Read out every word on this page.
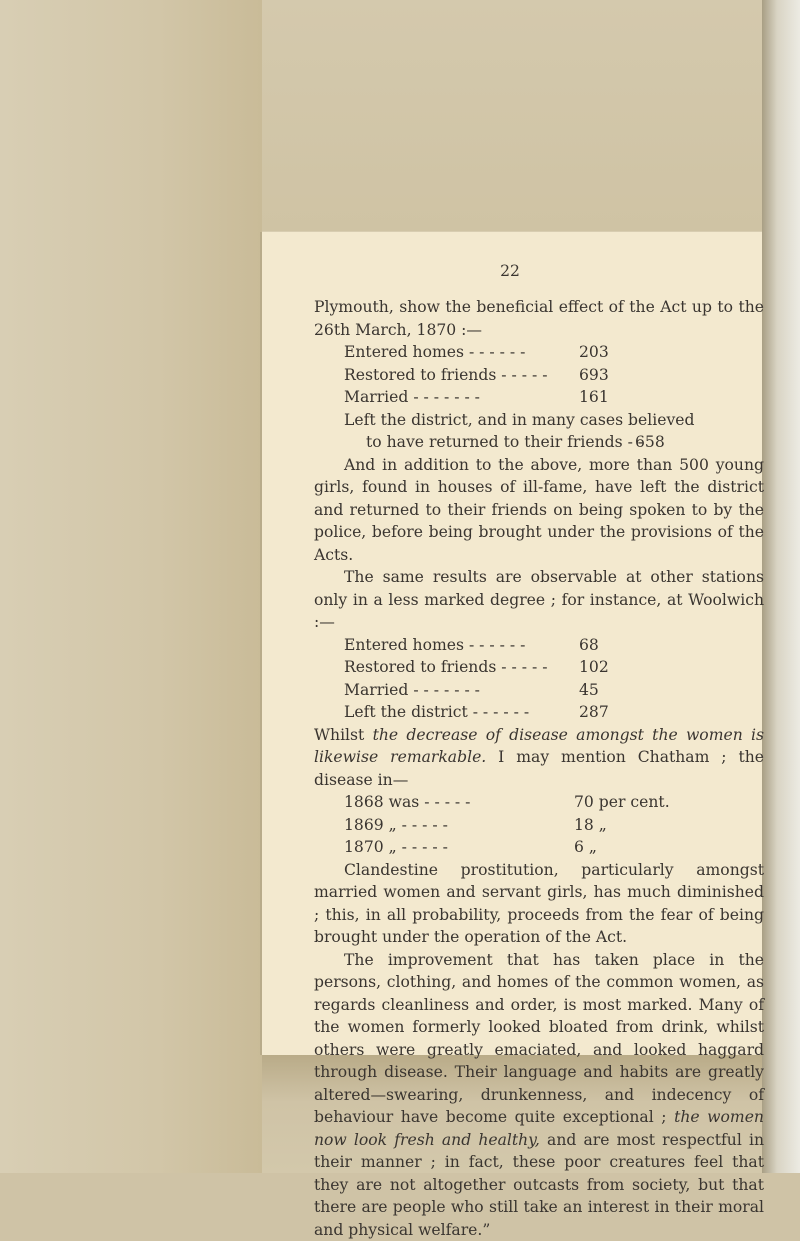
22

Plymouth, show the beneficial effect of the Act up to the 26th March, 1870 :—

Entered homes - - - - - -	203
Restored to friends - - - - -	693
Married - - - - - - -	161
Left the district, and in many cases believed
to have returned to their friends - -
658

And in addition to the above, more than 500 young girls, found in houses of ill-fame, have left the district and returned to their friends on being spoken to by the police, before being brought under the provisions of the Acts.

The same results are observable at other stations only in a less marked degree ; for instance, at Woolwich :—

Entered homes - - - - - -	68
Restored to friends - - - - -	102
Married - - - - - - -	45
Left the district - - - - - -	287

Whilst the decrease of disease amongst the women is likewise remarkable. I may mention Chatham ; the disease in—

1868 was - - - - -	70 per cent.
1869 „ - - - - -	18 „
1870 „ - - - - -	6 „

Clandestine prostitution, particularly amongst married women and servant girls, has much diminished ; this, in all probability, proceeds from the fear of being brought under the operation of the Act.

The improvement that has taken place in the persons, clothing, and homes of the common women, as regards cleanliness and order, is most marked. Many of the women formerly looked bloated from drink, whilst others were greatly emaciated, and looked haggard through disease. Their language and habits are greatly altered—swearing, drunkenness, and indecency of behaviour have become quite exceptional ; the women now look fresh and healthy, and are most respectful in their manner ; in fact, these poor creatures feel that they are not altogether outcasts from society, but that there are people who still take an interest in their moral and physical welfare.”
